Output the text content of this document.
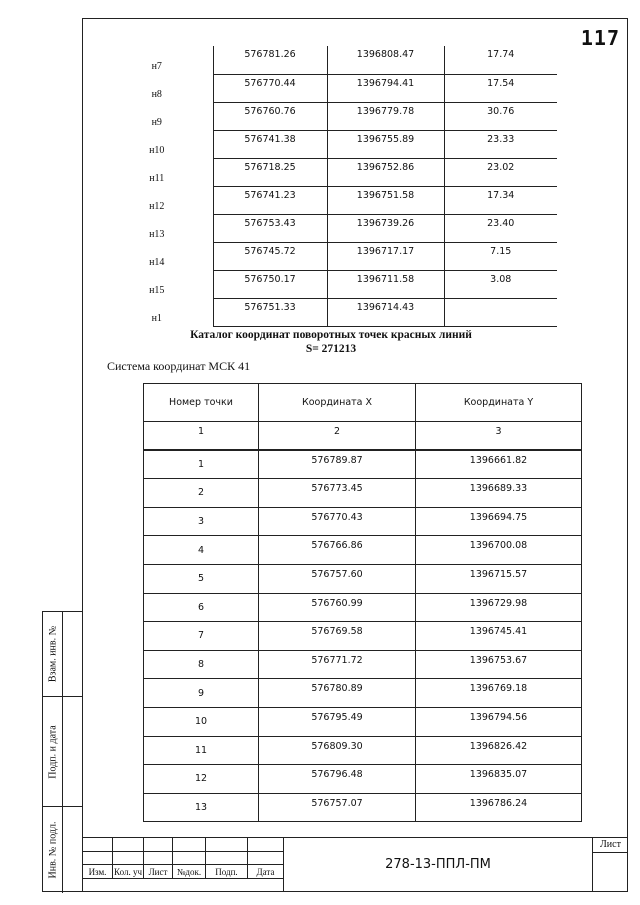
117
Взам. инв. №
Подп. и дата
Инв. № подл.
н7	576781.26	1396808.47	17.74
н8	576770.44	1396794.41	17.54
н9	576760.76	1396779.78	30.76
н10	576741.38	1396755.89	23.33
н11	576718.25	1396752.86	23.02
н12	576741.23	1396751.58	17.34
н13	576753.43	1396739.26	23.40
н14	576745.72	1396717.17	7.15
н15	576750.17	1396711.58	3.08
н1	576751.33	1396714.43	
Каталог координат поворотных точек красных линий
S= 271213
Система координат МСК 41
Номер точки	Координата X	Координата Y
1	2	3
1	576789.87	1396661.82
2	576773.45	1396689.33
3	576770.43	1396694.75
4	576766.86	1396700.08
5	576757.60	1396715.57
6	576760.99	1396729.98
7	576769.58	1396745.41
8	576771.72	1396753.67
9	576780.89	1396769.18
10	576795.49	1396794.56
11	576809.30	1396826.42
12	576796.48	1396835.07
13	576757.07	1396786.24

Изм.	Кол. уч	Лист	№док.	Подп.	Дата	278-13-ППЛ-ПМ
Лист
